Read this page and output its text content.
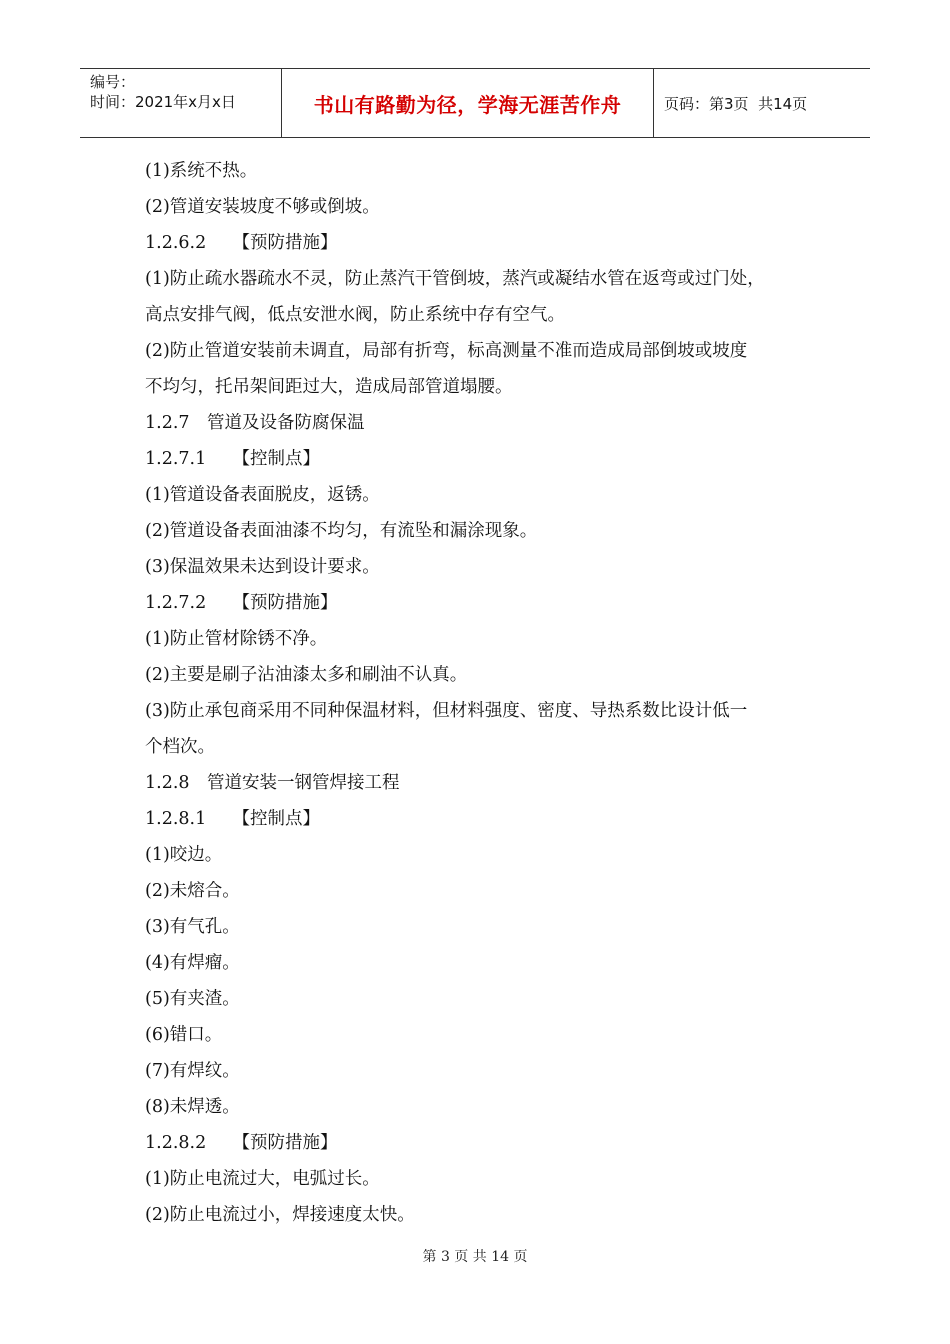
编号：
时间：2021年x月x日	书山有路勤为径，学海无涯苦作舟	页码：第3页  共14页
(1)系统不热。
(2)管道安装坡度不够或倒坡。
1.2.6.2　　【预防措施】
(1)防止疏水器疏水不灵，防止蒸汽干管倒坡，蒸汽或凝结水管在返弯或过门处，
高点安排气阀，低点安泄水阀，防止系统中存有空气。
(2)防止管道安装前未调直，局部有折弯，标高测量不准而造成局部倒坡或坡度
不均匀，托吊架间距过大，造成局部管道塌腰。
1.2.7　管道及设备防腐保温
1.2.7.1　　【控制点】
(1)管道设备表面脱皮，返锈。
(2)管道设备表面油漆不均匀，有流坠和漏涂现象。
(3)保温效果未达到设计要求。
1.2.7.2　　【预防措施】
(1)防止管材除锈不净。
(2)主要是刷子沾油漆太多和刷油不认真。
(3)防止承包商采用不同种保温材料，但材料强度、密度、导热系数比设计低一
个档次。
1.2.8　管道安装一钢管焊接工程
1.2.8.1　　【控制点】
(1)咬边。
(2)未熔合。
(3)有气孔。
(4)有焊瘤。
(5)有夹渣。
(6)错口。
(7)有焊纹。
(8)未焊透。
1.2.8.2　　【预防措施】
(1)防止电流过大，电弧过长。
(2)防止电流过小，焊接速度太快。
第 3 页 共 14 页
